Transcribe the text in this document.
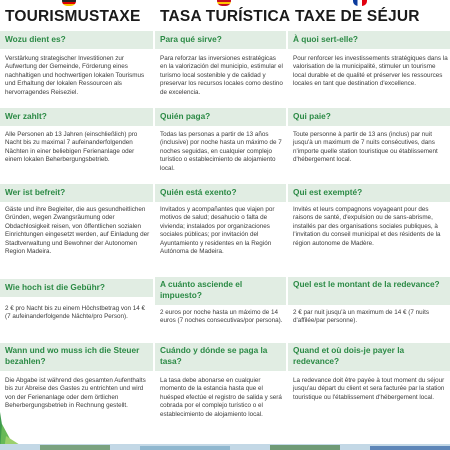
TOURISMUSTAXE TASA TURÍSTICA TAXE DE SÉJUR
Wozu dient es?
Verstärkung strategischer Investitionen zur Aufwertung der Gemeinde, Förderung eines nachhaltigen und hochwertigen lokalen Tourismus und Erhaltung der lokalen Ressourcen als hervorragendes Reiseziel.
Wer zahlt?
Alle Personen ab 13 Jahren (einschließlich) pro Nacht bis zu maximal 7 aufeinanderfolgenden Nächten in einer beliebigen Ferienanlage oder einem lokalen Beherbergungsbetrieb.
Wer ist befreit?
Gäste und ihre Begleiter, die aus gesundheitlichen Gründen, wegen Zwangsräumung oder Obdachlosigkeit reisen, von öffentlichen sozialen Einrichtungen eingesetzt werden, auf Einladung der Stadtverwaltung und Bewohner der Autonomen Region Madeira.
Wie hoch ist die Gebühr?
2 € pro Nacht bis zu einem Höchstbetrag von 14 € (7 aufeinanderfolgende Nächte/pro Person).
Wann und wo muss ich die Steuer bezahlen?
Die Abgabe ist während des gesamten Aufenthalts bis zur Abreise des Gastes zu entrichten und wird von der Ferienanlage oder dem örtlichen Beherbergungsbetrieb in Rechnung gestellt.
Para qué sirve?
Para reforzar las inversiones estratégicas en la valorización del municipio, estimular el turismo local sostenible y de calidad y preservar los recursos locales como destino de excelencia.
Quién paga?
Todas las personas a partir de 13 años (inclusive) por noche hasta un máximo de 7 noches seguidas, en cualquier complejo turístico o establecimiento de alojamiento local.
Quién está exento?
Invitados y acompañantes que viajen por motivos de salud; desahucio o falta de vivienda; instalados por organizaciones sociales públicas; por invitación del Ayuntamiento y residentes en la Región Autónoma de Madeira.
A cuánto asciende el impuesto?
2 euros por noche hasta un máximo de 14 euros (7 noches consecutivas/por persona).
Cuándo y dónde se paga la tasa?
La tasa debe abonarse en cualquier momento de la estancia hasta que el huésped efectúe el registro de salida y será cobrada por el complejo turístico o el establecimiento de alojamiento local.
À quoi sert-elle?
Pour renforcer les investissements stratégiques dans la valorisation de la municipalité, stimuler un tourisme local durable et de qualité et préserver les ressources locales en tant que destination d'excellence.
Qui paie?
Toute personne à partir de 13 ans (inclus) par nuit jusqu'à un maximum de 7 nuits consécutives, dans n'importe quelle station touristique ou établissement d'hébergement local.
Qui est exempté?
Invités et leurs compagnons voyageant pour des raisons de santé, d'expulsion ou de sans-abrisme, installés par des organisations sociales publiques, à l'invitation du conseil municipal et des résidents de la région autonome de Madère.
Quel est le montant de la redevance?
2 € par nuit jusqu'à un maximum de 14 € (7 nuits d'affilée/par personne).
Quand et où dois-je payer la redevance?
La redevance doit être payée à tout moment du séjour jusqu'au départ du client et sera facturée par la station touristique ou l'établissement d'hébergement local.
